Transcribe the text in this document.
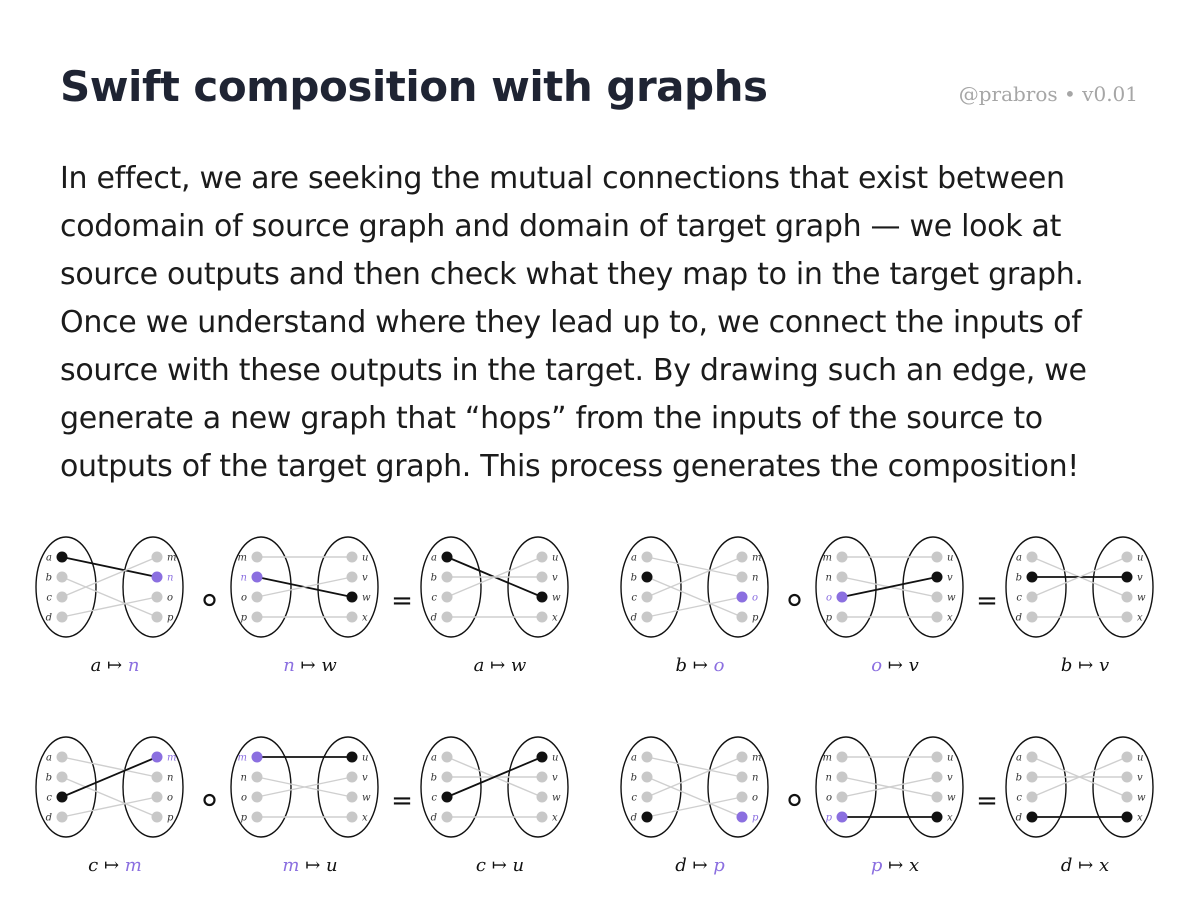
Swift composition with graphs	@prabros • v0.01

In effect, we are seeking the mutual connections that exist between codomain of source graph and domain of target graph — we look at source outputs and then check what they map to in the target graph. Once we understand where they lead up to, we connect the inputs of source with these outputs in the target. By drawing such an edge, we generate a new graph that “hops” from the inputs of the source to outputs of the target graph. This process generates the composition!

a
b
c
d
m
n
o
p
m
n
o
p
u
v
w
x
a
b
c
d
u
v
w
x
=
a ↦ n	n ↦ w	a ↦ w
a
b
c
d
m
n
o
p
m
n
o
p
u
v
w
x
a
b
c
d
u
v
w
x
=
b ↦ o	o ↦ v	b ↦ v
a
b
c
d
m
n
o
p
m
n
o
p
u
v
w
x
a
b
c
d
u
v
w
x
=
c ↦ m	m ↦ u	c ↦ u
a
b
c
d
m
n
o
p
m
n
o
p
u
v
w
x
a
b
c
d
u
v
w
x
=
d ↦ p	p ↦ x	d ↦ x
